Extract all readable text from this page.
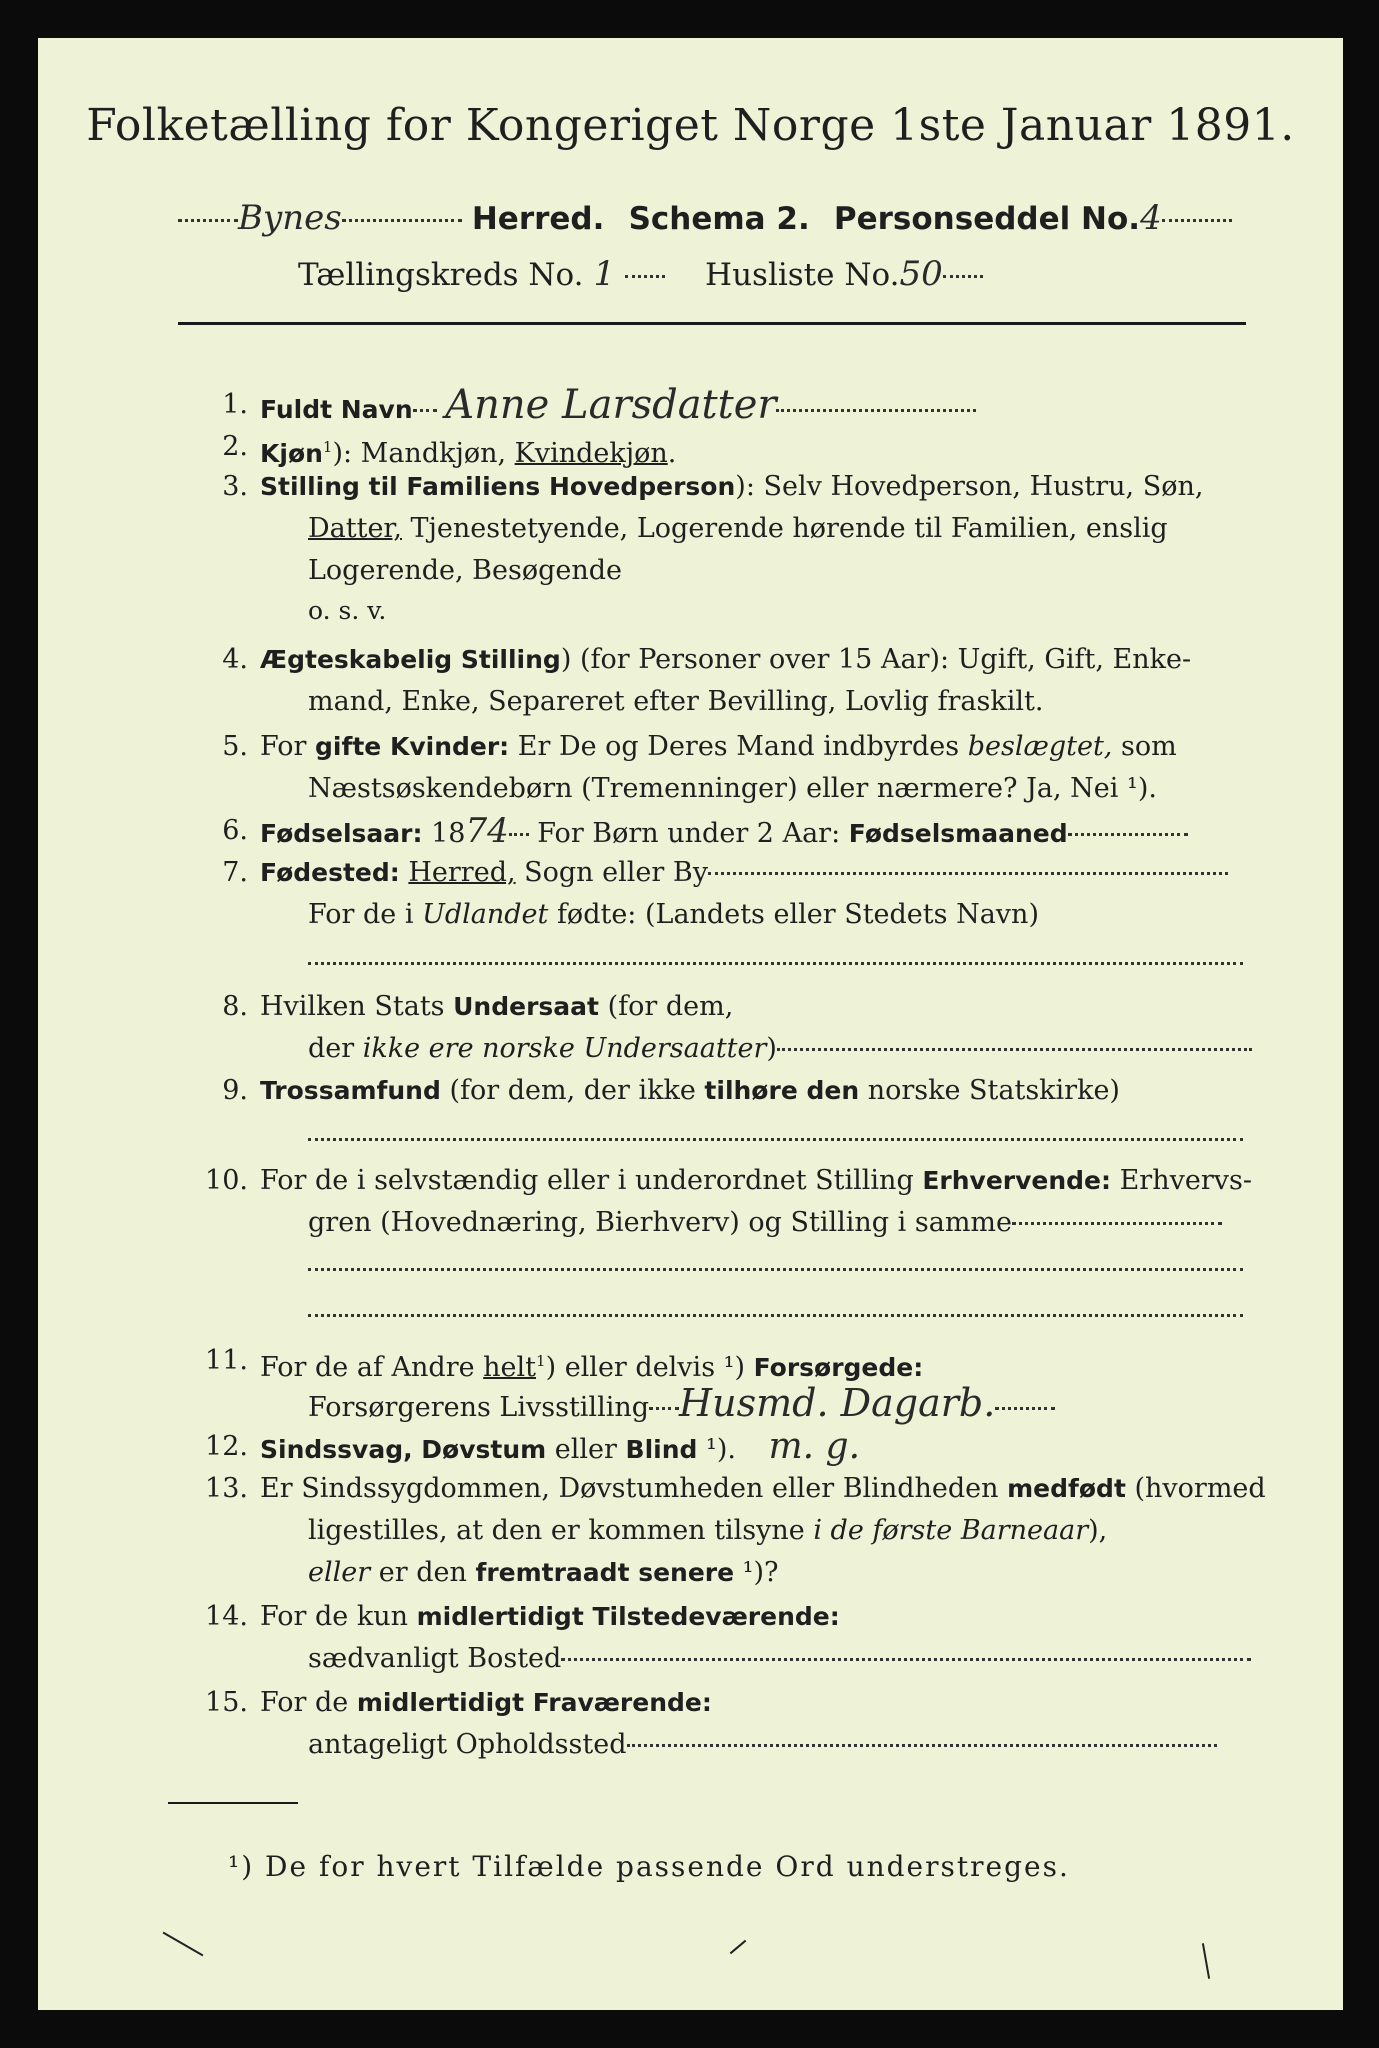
Folketælling for Kongeriget Norge 1ste Januar 1891.
Bynes	Herred. Schema 2. Personseddel No.4
Tællingskreds No. 1	Husliste No.50
1. Fuldt Navn Anne Larsdatter
2. Kjøn$^1$): Mandkjøn, Kvindekjøn.
3. Stilling til Familiens Hovedperson): Selv Hovedperson, Hustru, Søn,
Datter, Tjenestetyende, Logerende hørende til Familien, enslig
Logerende, Besøgende
o. s. v.
4. Ægteskabelig Stilling) (for Personer over 15 Aar): Ugift, Gift, Enke-
mand, Enke, Separeret efter Bevilling, Lovlig fraskilt.
5. For gifte Kvinder: Er De og Deres Mand indbyrdes beslægtet, som
Næstsøskendebørn (Tremenninger) eller nærmere? Ja, Nei ¹).
6. Fødselsaar: 1874 For Børn under 2 Aar: Fødselsmaaned
7. Fødested: Herred, Sogn eller By
For de i Udlandet fødte: (Landets eller Stedets Navn)
8. Hvilken Stats Undersaat (for dem,
der ikke ere norske Undersaatter)
9. Trossamfund (for dem, der ikke tilhøre den norske Statskirke)
10. For de i selvstændig eller i underordnet Stilling Erhvervende: Erhvervs-
gren (Hovednæring, Bierhverv) og Stilling i samme
11. For de af Andre helt$^1$) eller delvis ¹) Forsørgede:
Forsørgerens Livsstilling Husmd. Dagarb.
12. Sindssvag, Døvstum eller Blind ¹). m. g.
13. Er Sindssygdommen, Døvstumheden eller Blindheden medfødt (hvormed
ligestilles, at den er kommen tilsyne i de første Barneaar),
eller er den fremtraadt senere ¹)?
14. For de kun midlertidigt Tilstedeværende:
sædvanligt Bosted
15. For de midlertidigt Fraværende:
antageligt Opholdssted
¹) De for hvert Tilfælde passende Ord understreges.
